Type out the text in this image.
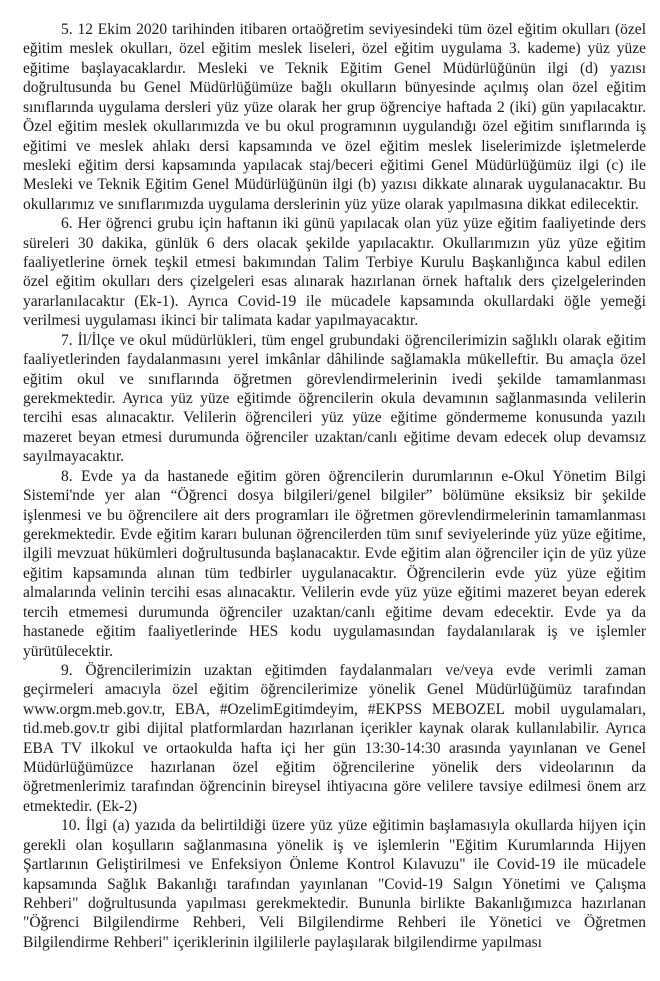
5. 12 Ekim 2020 tarihinden itibaren ortaöğretim seviyesindeki tüm özel eğitim okulları (özel eğitim meslek okulları, özel eğitim meslek liseleri, özel eğitim uygulama 3. kademe) yüz yüze eğitime başlayacaklardır. Mesleki ve Teknik Eğitim Genel Müdürlüğünün ilgi (d) yazısı doğrultusunda bu Genel Müdürlüğümüze bağlı okulların bünyesinde açılmış olan özel eğitim sınıflarında uygulama dersleri yüz yüze olarak her grup öğrenciye haftada 2 (iki) gün yapılacaktır. Özel eğitim meslek okullarımızda ve bu okul programının uygulandığı özel eğitim sınıflarında iş eğitimi ve meslek ahlakı dersi kapsamında ve özel eğitim meslek liselerimizde işletmelerde mesleki eğitim dersi kapsamında yapılacak staj/beceri eğitimi Genel Müdürlüğümüz ilgi (c) ile Mesleki ve Teknik Eğitim Genel Müdürlüğünün ilgi (b) yazısı dikkate alınarak uygulanacaktır. Bu okullarımız ve sınıflarımızda uygulama derslerinin yüz yüze olarak yapılmasına dikkat edilecektir.

6. Her öğrenci grubu için haftanın iki günü yapılacak olan yüz yüze eğitim faaliyetinde ders süreleri 30 dakika, günlük 6 ders olacak şekilde yapılacaktır. Okullarımızın yüz yüze eğitim faaliyetlerine örnek teşkil etmesi bakımından Talim Terbiye Kurulu Başkanlığınca kabul edilen özel eğitim okulları ders çizelgeleri esas alınarak hazırlanan örnek haftalık ders çizelgelerinden yararlanılacaktır (Ek-1). Ayrıca Covid-19 ile mücadele kapsamında okullardaki öğle yemeği verilmesi uygulaması ikinci bir talimata kadar yapılmayacaktır.

7. İl/İlçe ve okul müdürlükleri, tüm engel grubundaki öğrencilerimizin sağlıklı olarak eğitim faaliyetlerinden faydalanmasını yerel imkânlar dâhilinde sağlamakla mükelleftir. Bu amaçla özel eğitim okul ve sınıflarında öğretmen görevlendirmelerinin ivedi şekilde tamamlanması gerekmektedir. Ayrıca yüz yüze eğitimde öğrencilerin okula devamının sağlanmasında velilerin tercihi esas alınacaktır. Velilerin öğrencileri yüz yüze eğitime göndermeme konusunda yazılı mazeret beyan etmesi durumunda öğrenciler uzaktan/canlı eğitime devam edecek olup devamsız sayılmayacaktır.

8. Evde ya da hastanede eğitim gören öğrencilerin durumlarının e-Okul Yönetim Bilgi Sistemi'nde yer alan “Öğrenci dosya bilgileri/genel bilgiler” bölümüne eksiksiz bir şekilde işlenmesi ve bu öğrencilere ait ders programları ile öğretmen görevlendirmelerinin tamamlanması gerekmektedir. Evde eğitim kararı bulunan öğrencilerden tüm sınıf seviyelerinde yüz yüze eğitime, ilgili mevzuat hükümleri doğrultusunda başlanacaktır. Evde eğitim alan öğrenciler için de yüz yüze eğitim kapsamında alınan tüm tedbirler uygulanacaktır. Öğrencilerin evde yüz yüze eğitim almalarında velinin tercihi esas alınacaktır. Velilerin evde yüz yüze eğitimi mazeret beyan ederek tercih etmemesi durumunda öğrenciler uzaktan/canlı eğitime devam edecektir. Evde ya da hastanede eğitim faaliyetlerinde HES kodu uygulamasından faydalanılarak iş ve işlemler yürütülecektir.

9. Öğrencilerimizin uzaktan eğitimden faydalanmaları ve/veya evde verimli zaman geçirmeleri amacıyla özel eğitim öğrencilerimize yönelik Genel Müdürlüğümüz tarafından www.orgm.meb.gov.tr, EBA, #OzelimEgitimdeyim, #EKPSS MEBOZEL mobil uygulamaları, tid.meb.gov.tr gibi dijital platformlardan hazırlanan içerikler kaynak olarak kullanılabilir. Ayrıca EBA TV ilkokul ve ortaokulda hafta içi her gün 13:30-14:30 arasında yayınlanan ve Genel Müdürlüğümüzce hazırlanan özel eğitim öğrencilerine yönelik ders videolarının da öğretmenlerimiz tarafından öğrencinin bireysel ihtiyacına göre velilere tavsiye edilmesi önem arz etmektedir. (Ek-2)

10. İlgi (a) yazıda da belirtildiği üzere yüz yüze eğitimin başlamasıyla okullarda hijyen için gerekli olan koşulların sağlanmasına yönelik iş ve işlemlerin "Eğitim Kurumlarında Hijyen Şartlarının Geliştirilmesi ve Enfeksiyon Önleme Kontrol Kılavuzu" ile Covid-19 ile mücadele kapsamında Sağlık Bakanlığı tarafından yayınlanan "Covid-19 Salgın Yönetimi ve Çalışma Rehberi" doğrultusunda yapılması gerekmektedir. Bununla birlikte Bakanlığımızca hazırlanan "Öğrenci Bilgilendirme Rehberi, Veli Bilgilendirme Rehberi ile Yönetici ve Öğretmen Bilgilendirme Rehberi" içeriklerinin ilgililerle paylaşılarak bilgilendirme yapılması
